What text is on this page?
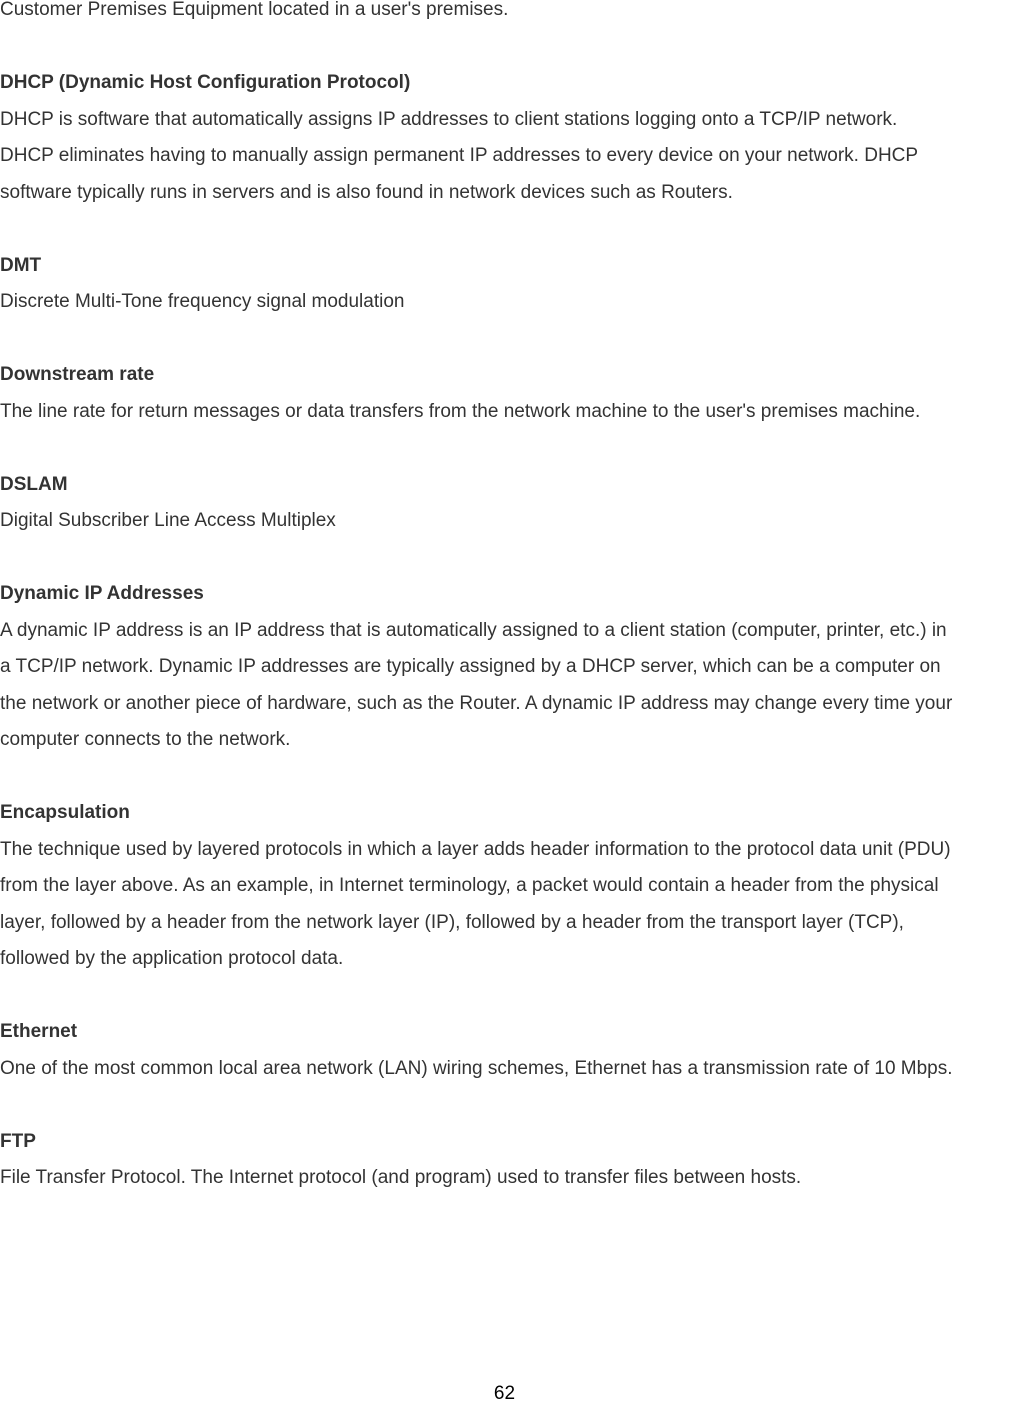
Customer Premises Equipment located in a user's premises.
DHCP (Dynamic Host Configuration Protocol)
DHCP is software that automatically assigns IP addresses to client stations logging onto a TCP/IP network.
DHCP eliminates having to manually assign permanent IP addresses to every device on your network. DHCP
software typically runs in servers and is also found in network devices such as Routers.
DMT
Discrete Multi-Tone frequency signal modulation
Downstream rate
The line rate for return messages or data transfers from the network machine to the user's premises machine.
DSLAM
Digital Subscriber Line Access Multiplex
Dynamic IP Addresses
A dynamic IP address is an IP address that is automatically assigned to a client station (computer, printer, etc.) in
a TCP/IP network. Dynamic IP addresses are typically assigned by a DHCP server, which can be a computer on
the network or another piece of hardware, such as the Router. A dynamic IP address may change every time your
computer connects to the network.
Encapsulation
The technique used by layered protocols in which a layer adds header information to the protocol data unit (PDU)
from the layer above. As an example, in Internet terminology, a packet would contain a header from the physical
layer, followed by a header from the network layer (IP), followed by a header from the transport layer (TCP),
followed by the application protocol data.
Ethernet
One of the most common local area network (LAN) wiring schemes, Ethernet has a transmission rate of 10 Mbps.
FTP
File Transfer Protocol. The Internet protocol (and program) used to transfer files between hosts.
62
